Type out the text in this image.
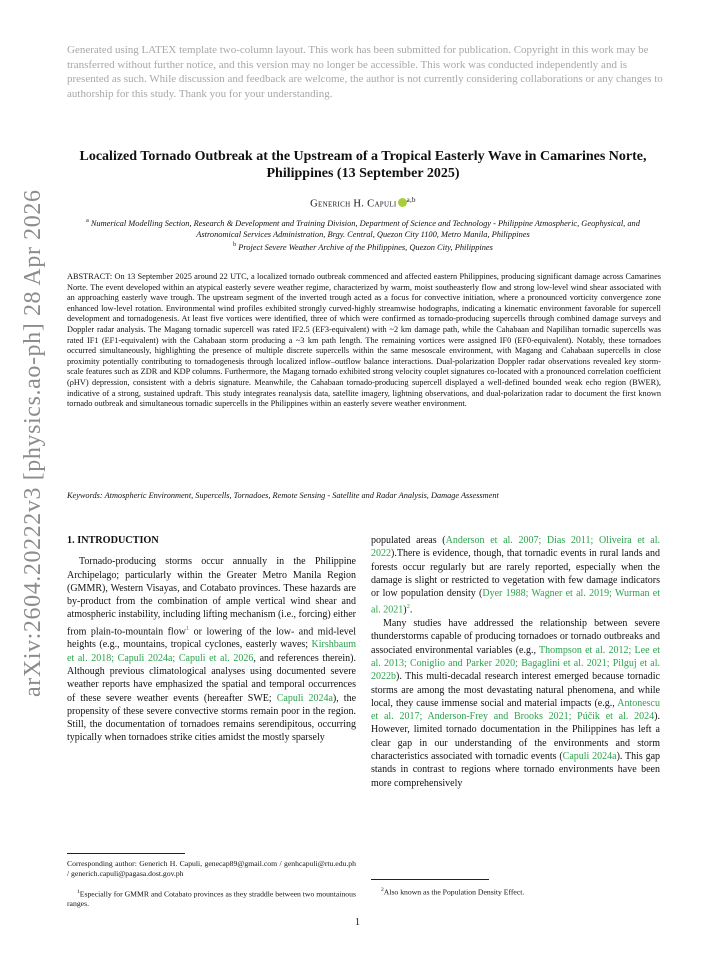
Generated using LATEX template two-column layout. This work has been submitted for publication. Copyright in this work may be transferred without further notice, and this version may no longer be accessible. This work was conducted independently and is presented as such. While discussion and feedback are welcome, the author is not currently considering collaborations or any changes to authorship for this study. Thank you for your understanding.
arXiv:2604.20222v3 [physics.ao-ph] 28 Apr 2026
Localized Tornado Outbreak at the Upstream of a Tropical Easterly Wave in Camarines Norte, Philippines (13 September 2025)
Generich H. Capuli $^{a,b}$
$^a$ Numerical Modelling Section, Research & Development and Training Division, Department of Science and Technology - Philippine Atmospheric, Geophysical, and Astronomical Services Administration, Brgy. Central, Quezon City 1100, Metro Manila, Philippines
$^b$ Project Severe Weather Archive of the Philippines, Quezon City, Philippines
ABSTRACT: On 13 September 2025 around 22 UTC, a localized tornado outbreak commenced and affected eastern Philippines, producing significant damage across Camarines Norte. The event developed within an atypical easterly severe weather regime, characterized by warm, moist southeasterly flow and strong low-level wind shear associated with an approaching easterly wave trough. The upstream segment of the inverted trough acted as a focus for convective initiation, where a pronounced vorticity convergence zone enhanced low-level rotation. Environmental wind profiles exhibited strongly curved-highly streamwise hodographs, indicating a kinematic environment favorable for supercell development and tornadogenesis. At least five vortices were identified, three of which were confirmed as tornado-producing supercells through combined damage surveys and Doppler radar analysis. The Magang tornadic supercell was rated IF2.5 (EF3-equivalent) with ~2 km damage path, while the Cahabaan and Napilihan tornadic supercells was rated IF1 (EF1-equivalent) with the Cahabaan storm producing a ~3 km path length. The remaining vortices were assigned IF0 (EF0-equivalent). Notably, these tornadoes occurred simultaneously, highlighting the presence of multiple discrete supercells within the same mesoscale environment, with Magang and Cahabaan supercells in close proximity potentially contributing to tornadogenesis through localized inflow–outflow balance interactions. Dual-polarization Doppler radar observations revealed key storm-scale features such as ZDR and KDP columns. Furthermore, the Magang tornado exhibited strong velocity couplet signatures co-located with a pronounced correlation coefficient (ρHV) depression, consistent with a debris signature. Meanwhile, the Cahabaan tornado-producing supercell displayed a well-defined bounded weak echo region (BWER), indicative of a strong, sustained updraft. This study integrates reanalysis data, satellite imagery, lightning observations, and dual-polarization radar to document the first known tornado outbreak and simultaneous tornadic supercells in the Philippines within an easterly severe weather environment.
Keywords: Atmospheric Environment, Supercells, Tornadoes, Remote Sensing - Satellite and Radar Analysis, Damage Assessment
1. INTRODUCTION

Tornado-producing storms occur annually in the Philippine Archipelago; particularly within the Greater Metro Manila Region (GMMR), Western Visayas, and Cotabato provinces. These hazards are by-product from the combination of ample vertical wind shear and atmospheric instability, including lifting mechanism (i.e., forcing) either from plain-to-mountain flow$^1$ or lowering of the low- and mid-level heights (e.g., mountains, tropical cyclones, easterly waves; Kirshbaum et al. 2018; Capuli 2024a; Capuli et al. 2026, and references therein). Although previous climatological analyses using documented severe weather reports have emphasized the spatial and temporal occurrences of these severe weather events (hereafter SWE; Capuli 2024a), the propensity of these severe convective storms remain poor in the region. Still, the documentation of tornadoes remains serendipitous, occurring typically when tornadoes strike cities amidst the mostly sparsely

populated areas (Anderson et al. 2007; Dias 2011; Oliveira et al. 2022).There is evidence, though, that tornadic events in rural lands and forests occur regularly but are rarely reported, especially when the damage is slight or restricted to vegetation with few damage indicators or low population density (Dyer 1988; Wagner et al. 2019; Wurman et al. 2021)$^2$.

Many studies have addressed the relationship between severe thunderstorms capable of producing tornadoes or tornado outbreaks and associated environmental variables (e.g., Thompson et al. 2012; Lee et al. 2013; Coniglio and Parker 2020; Bagaglini et al. 2021; Pilguj et al. 2022b). This multi-decadal research interest emerged because tornadic storms are among the most devastating natural phenomena, and while local, they cause immense social and material impacts (e.g., Antonescu et al. 2017; Anderson-Frey and Brooks 2021; Púčik et al. 2024). However, limited tornado documentation in the Philippines has left a clear gap in our understanding of the environments and storm characteristics associated with tornadic events (Capuli 2024a). This gap stands in contrast to regions where tornado environments have been more comprehensively

Corresponding author: Generich H. Capuli, genecap89@gmail.com / genhcapuli@rtu.edu.ph / generich.capuli@pagasa.dost.gov.ph
$^1$Especially for GMMR and Cotabato provinces as they straddle between two mountainous ranges.
$^2$Also known as the Population Density Effect.
1
